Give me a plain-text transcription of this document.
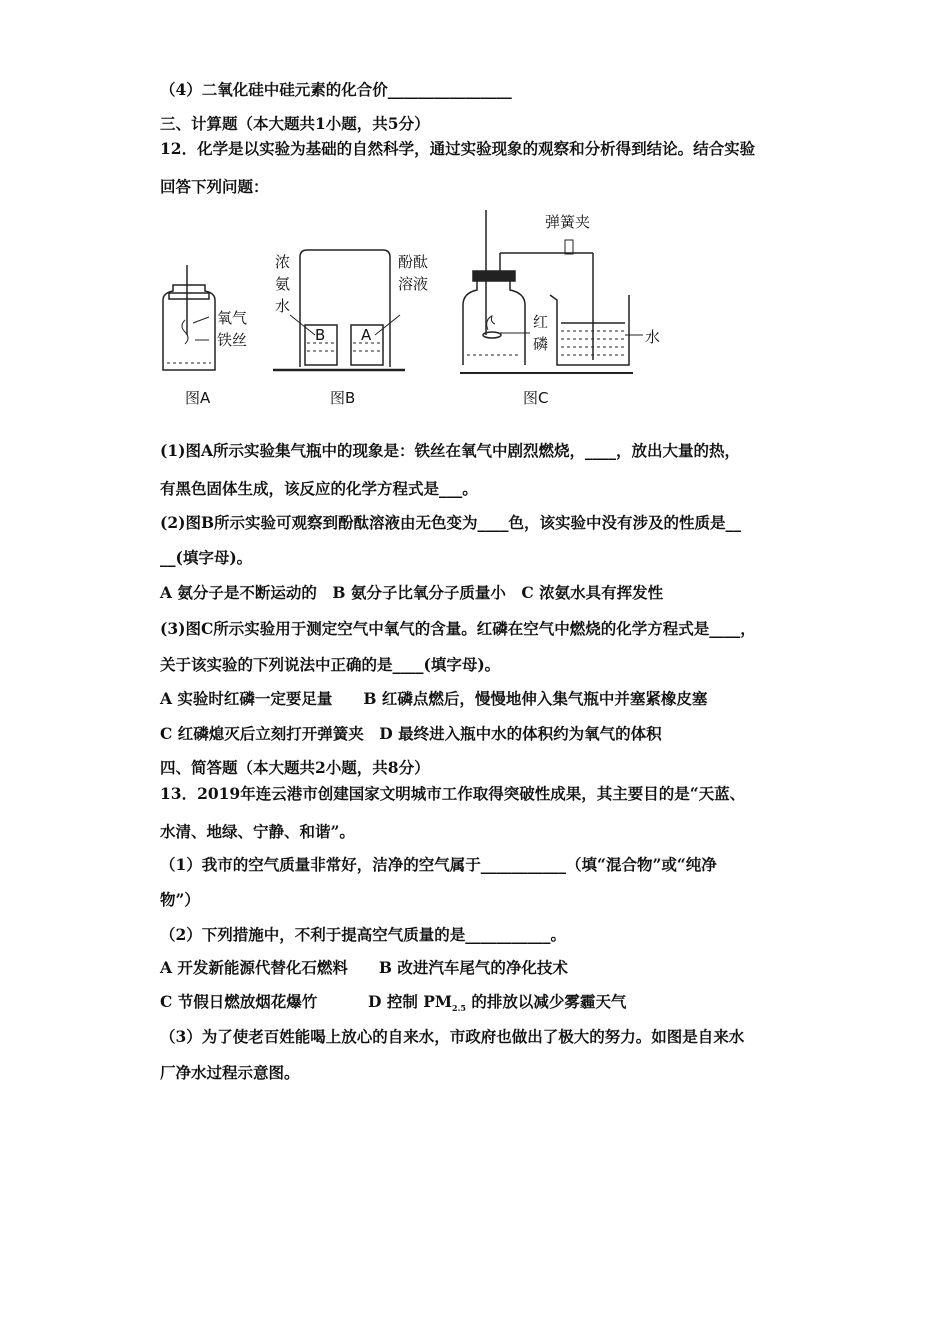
（4）二氧化硅中硅元素的化合价________________
三、计算题（本大题共1小题，共5分）
12．化学是以实验为基础的自然科学，通过实验现象的观察和分析得到结论。结合实验
回答下列问题：
氧气
铁丝
图A
浓
氨
水
酚酞
溶液
B A
图B
弹簧夹
红
磷	水
图C
(1)图A所示实验集气瓶中的现象是：铁丝在氧气中剧烈燃烧，____，放出大量的热，
有黑色固体生成，该反应的化学方程式是___。
(2)图B所示实验可观察到酚酞溶液由无色变为____色，该实验中没有涉及的性质是__
__(填字母)。
A 氨分子是不断运动的　B 氨分子比氧分子质量小　C 浓氨水具有挥发性
(3)图C所示实验用于测定空气中氧气的含量。红磷在空气中燃烧的化学方程式是____，
关于该实验的下列说法中正确的是____(填字母)。
A 实验时红磷一定要足量　　B 红磷点燃后，慢慢地伸入集气瓶中并塞紧橡皮塞
C 红磷熄灭后立刻打开弹簧夹　D 最终进入瓶中水的体积约为氧气的体积
四、简答题（本大题共2小题，共8分）
13．2019年连云港市创建国家文明城市工作取得突破性成果，其主要目的是“天蓝、
水清、地绿、宁静、和谐”。
（1）我市的空气质量非常好，洁净的空气属于___________（填“混合物”或“纯净
物”）
（2）下列措施中，不利于提高空气质量的是___________。
A 开发新能源代替化石燃料　　B 改进汽车尾气的净化技术
C 节假日燃放烟花爆竹	D 控制 $PM_{2.5}$ 的排放以减少雾霾天气
（3）为了使老百姓能喝上放心的自来水，市政府也做出了极大的努力。如图是自来水
厂净水过程示意图。
